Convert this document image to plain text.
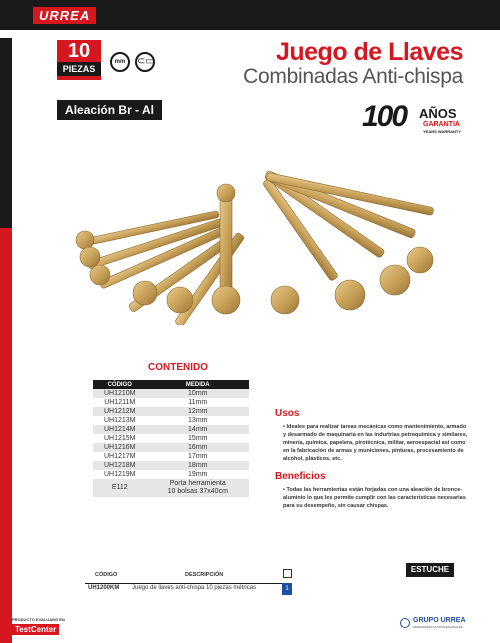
URREA
10
PIEZAS
mm	⊂▭	Juego de Llaves
Combinadas Anti-chispa
Aleación Br - Al	100 AÑOS
GARANTIA
YEARS WARRANTY
CONTENIDO
CÓDIGO	MEDIDA
UH1210M	10mm
UH1211M	11mm
UH1212M	12mm
UH1213M	13mm
UH1214M	14mm
UH1215M	15mm
UH1216M	16mm
UH1217M	17mm
UH1218M	18mm
UH1219M	19mm
E112	Porta herramienta
10 bolsas 37x40cm
Usos
• Ideales para realizar tareas mecánicas como mantenimiento, armado y desarmado de maquinaria en las indurtrias petroquímica y similares, minería, química, papelera, pirotécnica, militar, aeroespacial así como en la fabricación de armas y municiones, pinturas, procesamiento de alcohol, plásticos, etc.
Beneficios
• Todas las herramientas están forjadas con una aleación de bronce-aluminio lo que les permite cumplir con las características necesarias para su desempeño, sin causar chispas.
ESTUCHE
CÓDIGO	DESCRIPCIÓN
UH1200KM Juego de llaves anti-chispa 10 piezas métricas	1
PRODUCTO EVALUADO EN
TestCenter
GRUPO URREA
HERRAMIENTAS PROFESIONALES
